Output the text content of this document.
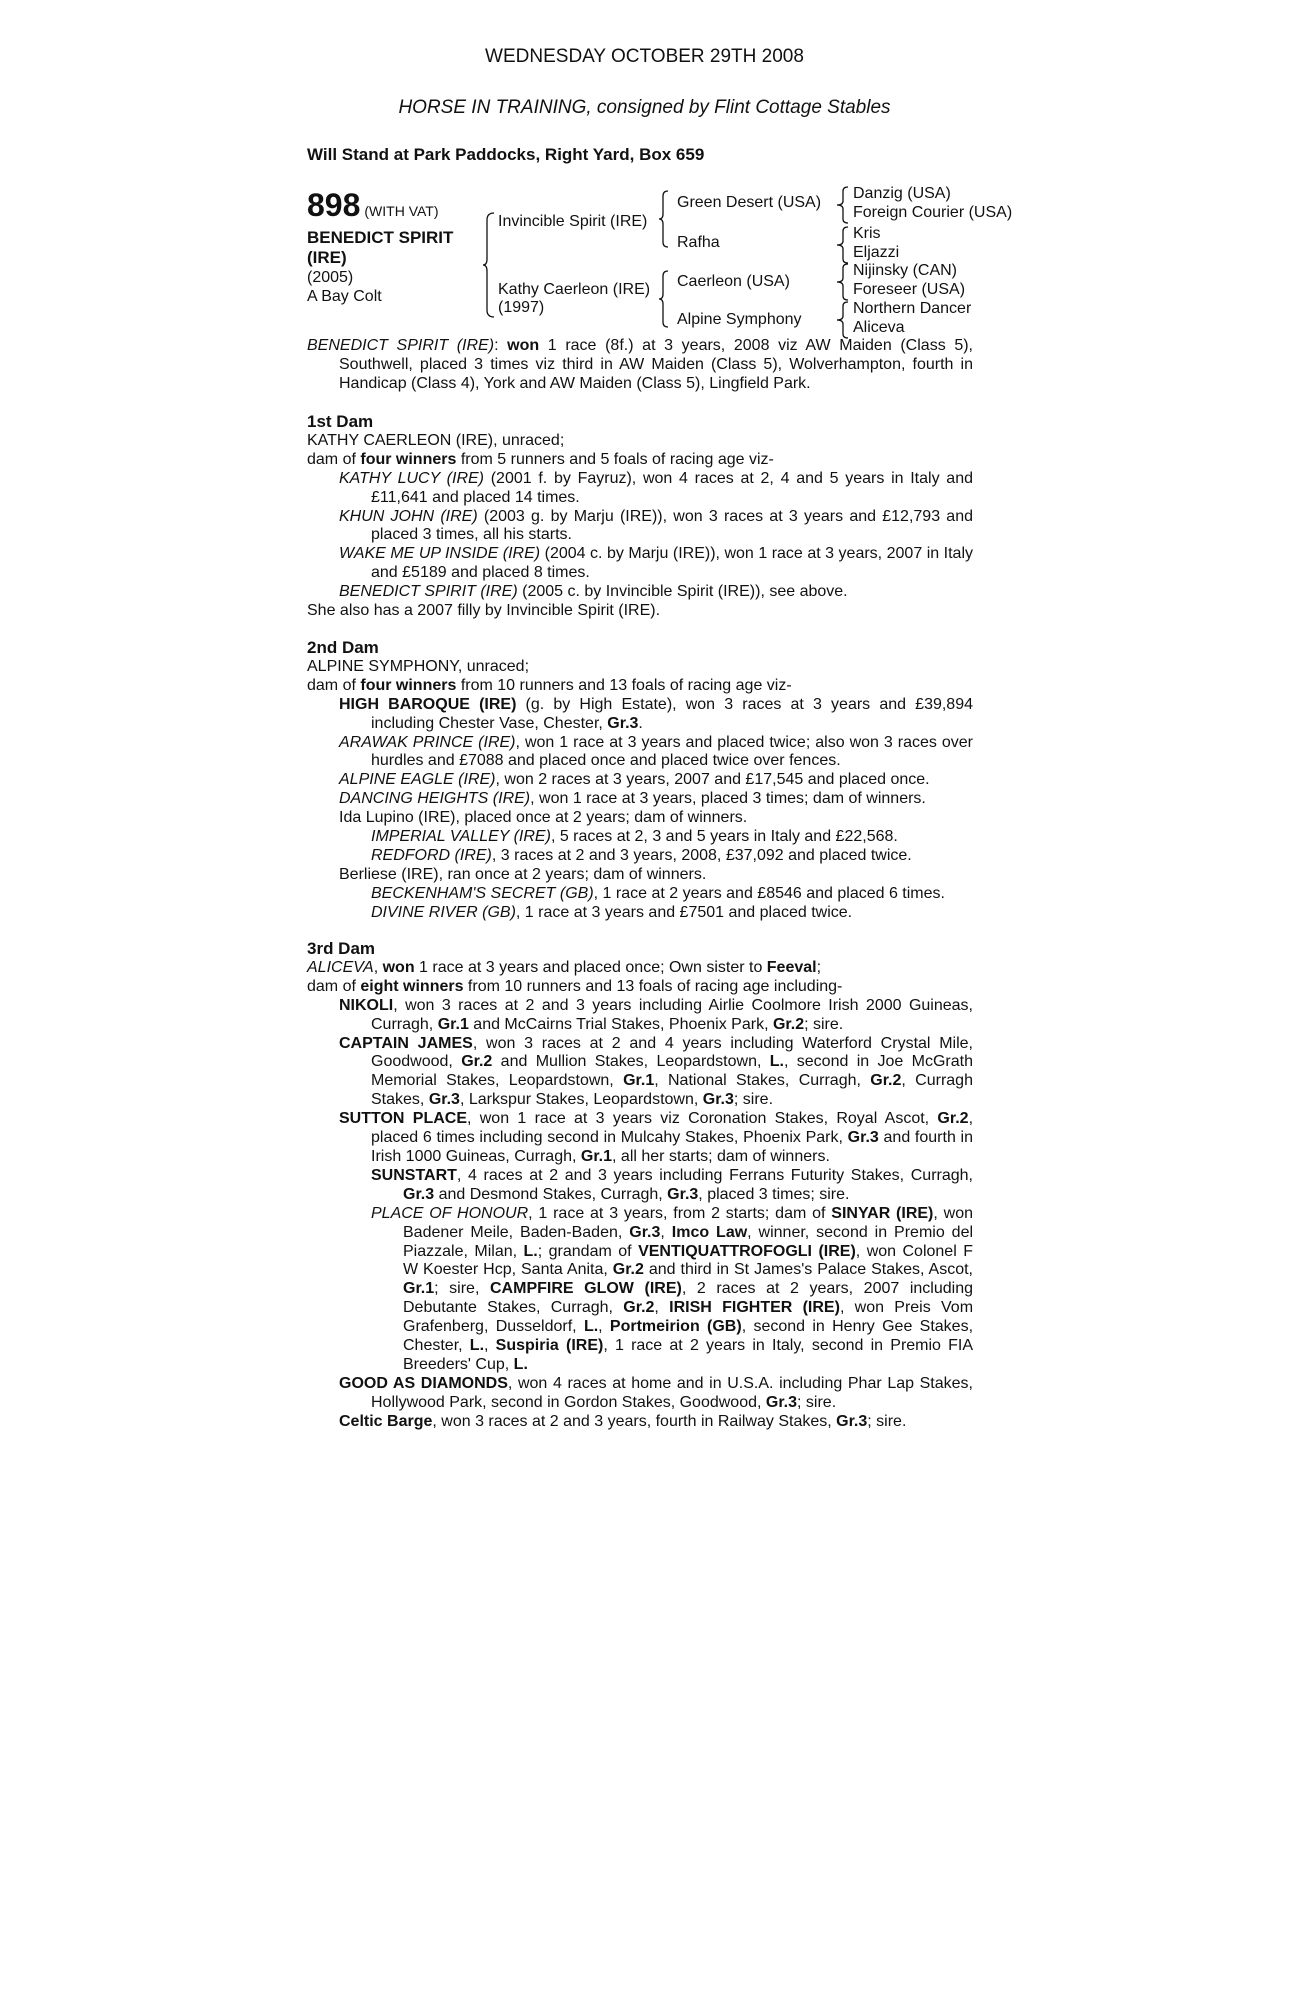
WEDNESDAY OCTOBER 29TH 2008
HORSE IN TRAINING, consigned by Flint Cottage Stables
Will Stand at Park Paddocks, Right Yard, Box 659
898 (WITH VAT)
BENEDICT SPIRIT
(IRE)
(2005)
A Bay Colt
Invincible Spirit (IRE)
Kathy Caerleon (IRE)
(1997)
Green Desert (USA)
Rafha
Caerleon (USA)
Alpine Symphony
Danzig (USA)
Foreign Courier (USA)
Kris
Eljazzi
Nijinsky (CAN)
Foreseer (USA)
Northern Dancer
Aliceva

BENEDICT SPIRIT (IRE): won 1 race (8f.) at 3 years, 2008 viz AW Maiden (Class 5), Southwell, placed 3 times viz third in AW Maiden (Class 5), Wolverhampton, fourth in Handicap (Class 4), York and AW Maiden (Class 5), Lingfield Park.

1st Dam

KATHY CAERLEON (IRE), unraced;

dam of four winners from 5 runners and 5 foals of racing age viz-

KATHY LUCY (IRE) (2001 f. by Fayruz), won 4 races at 2, 4 and 5 years in Italy and £11,641 and placed 14 times.

KHUN JOHN (IRE) (2003 g. by Marju (IRE)), won 3 races at 3 years and £12,793 and placed 3 times, all his starts.

WAKE ME UP INSIDE (IRE) (2004 c. by Marju (IRE)), won 1 race at 3 years, 2007 in Italy and £5189 and placed 8 times.

BENEDICT SPIRIT (IRE) (2005 c. by Invincible Spirit (IRE)), see above.

She also has a 2007 filly by Invincible Spirit (IRE).

2nd Dam

ALPINE SYMPHONY, unraced;

dam of four winners from 10 runners and 13 foals of racing age viz-

HIGH BAROQUE (IRE) (g. by High Estate), won 3 races at 3 years and £39,894 including Chester Vase, Chester, Gr.3.

ARAWAK PRINCE (IRE), won 1 race at 3 years and placed twice; also won 3 races over hurdles and £7088 and placed once and placed twice over fences.

ALPINE EAGLE (IRE), won 2 races at 3 years, 2007 and £17,545 and placed once.

DANCING HEIGHTS (IRE), won 1 race at 3 years, placed 3 times; dam of winners.

Ida Lupino (IRE), placed once at 2 years; dam of winners.

IMPERIAL VALLEY (IRE), 5 races at 2, 3 and 5 years in Italy and £22,568.

REDFORD (IRE), 3 races at 2 and 3 years, 2008, £37,092 and placed twice.

Berliese (IRE), ran once at 2 years; dam of winners.

BECKENHAM'S SECRET (GB), 1 race at 2 years and £8546 and placed 6 times.

DIVINE RIVER (GB), 1 race at 3 years and £7501 and placed twice.

3rd Dam

ALICEVA, won 1 race at 3 years and placed once; Own sister to Feeval;

dam of eight winners from 10 runners and 13 foals of racing age including-

NIKOLI, won 3 races at 2 and 3 years including Airlie Coolmore Irish 2000 Guineas, Curragh, Gr.1 and McCairns Trial Stakes, Phoenix Park, Gr.2; sire.

CAPTAIN JAMES, won 3 races at 2 and 4 years including Waterford Crystal Mile, Goodwood, Gr.2 and Mullion Stakes, Leopardstown, L., second in Joe McGrath Memorial Stakes, Leopardstown, Gr.1, National Stakes, Curragh, Gr.2, Curragh Stakes, Gr.3, Larkspur Stakes, Leopardstown, Gr.3; sire.

SUTTON PLACE, won 1 race at 3 years viz Coronation Stakes, Royal Ascot, Gr.2, placed 6 times including second in Mulcahy Stakes, Phoenix Park, Gr.3 and fourth in Irish 1000 Guineas, Curragh, Gr.1, all her starts; dam of winners.

SUNSTART, 4 races at 2 and 3 years including Ferrans Futurity Stakes, Curragh, Gr.3 and Desmond Stakes, Curragh, Gr.3, placed 3 times; sire.

PLACE OF HONOUR, 1 race at 3 years, from 2 starts; dam of SINYAR (IRE), won Badener Meile, Baden-Baden, Gr.3, Imco Law, winner, second in Premio del Piazzale, Milan, L.; grandam of VENTIQUATTROFOGLI (IRE), won Colonel F W Koester Hcp, Santa Anita, Gr.2 and third in St James's Palace Stakes, Ascot, Gr.1; sire, CAMPFIRE GLOW (IRE), 2 races at 2 years, 2007 including Debutante Stakes, Curragh, Gr.2, IRISH FIGHTER (IRE), won Preis Vom Grafenberg, Dusseldorf, L., Portmeirion (GB), second in Henry Gee Stakes, Chester, L., Suspiria (IRE), 1 race at 2 years in Italy, second in Premio FIA Breeders' Cup, L.

GOOD AS DIAMONDS, won 4 races at home and in U.S.A. including Phar Lap Stakes, Hollywood Park, second in Gordon Stakes, Goodwood, Gr.3; sire.

Celtic Barge, won 3 races at 2 and 3 years, fourth in Railway Stakes, Gr.3; sire.
